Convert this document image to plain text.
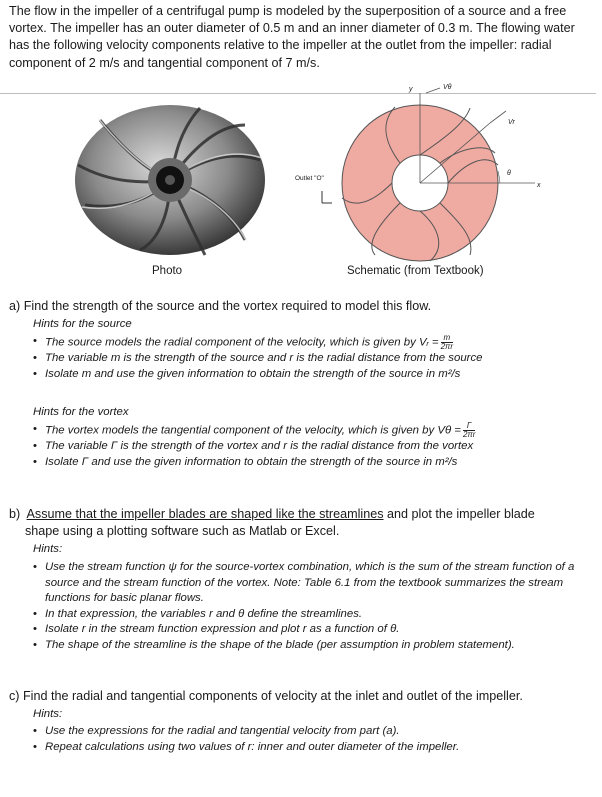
The flow in the impeller of a centrifugal pump is modeled by the superposition of a source and a free vortex. The impeller has an outer diameter of 0.5 m and an inner diameter of 0.3 m. The flowing water has the following velocity components relative to the impeller at the outlet from the impeller: radial component of 2 m/s and tangential component of 7 m/s.
Outlet "O"
y	Vθ
Vr
θ
x
Photo	Schematic (from Textbook)
a) Find the strength of the source and the vortex required to model this flow.
Hints for the source
• The source models the radial component of the velocity, which is given by Vᵣ = $\frac{m}{2\pi r}$
• The variable m is the strength of the source and r is the radial distance from the source
• Isolate m and use the given information to obtain the strength of the source in m²/s
Hints for the vortex
• The vortex models the tangential component of the velocity, which is given by $V\theta = \frac{\Gamma}{2\pi r}$
• The variable Γ is the strength of the vortex and r is the radial distance from the vortex
• Isolate Γ and use the given information to obtain the strength of the source in m²/s
b) Assume that the impeller blades are shaped like the streamlines and plot the impeller blade
shape using a plotting software such as Matlab or Excel.
Hints:
• Use the stream function ψ for the source-vortex combination, which is the sum of the stream function of a source and the stream function of the vortex. Note: Table 6.1 from the textbook summarizes the stream functions for basic planar flows.
• In that expression, the variables r and θ define the streamlines.
• Isolate r in the stream function expression and plot r as a function of θ.
• The shape of the streamline is the shape of the blade (per assumption in problem statement).
c) Find the radial and tangential components of velocity at the inlet and outlet of the impeller.
Hints:
• Use the expressions for the radial and tangential velocity from part (a).
• Repeat calculations using two values of r: inner and outer diameter of the impeller.
